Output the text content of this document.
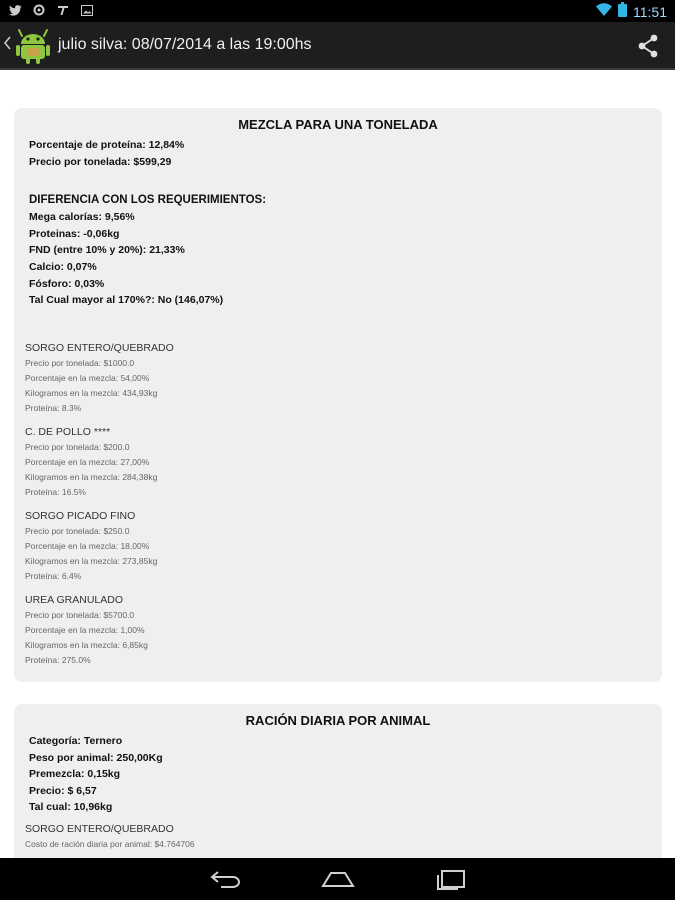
11:51
julio silva: 08/07/2014 a las 19:00hs
MEZCLA PARA UNA TONELADA
Porcentaje de proteína: 12,84%
Precio por tonelada: $599,29
DIFERENCIA CON LOS REQUERIMIENTOS:
Mega calorías: 9,56%
Proteinas: -0,06kg
FND (entre 10% y 20%): 21,33%
Calcio: 0,07%
Fósforo: 0,03%
Tal Cual mayor al 170%?: No (146,07%)
SORGO ENTERO/QUEBRADO
Precio por tonelada: $1000.0
Porcentaje en la mezcla: 54,00%
Kilogramos en la mezcla: 434,93kg
Proteína: 8.3%
C. DE POLLO ****
Precio por tonelada: $200.0
Porcentaje en la mezcla: 27,00%
Kilogramos en la mezcla: 284,38kg
Proteína: 16.5%
SORGO PICADO FINO
Precio por tonelada: $250.0
Porcentaje en la mezcla: 18,00%
Kilogramos en la mezcla: 273,85kg
Proteína: 6.4%
UREA GRANULADO
Precio por tonelada: $5700.0
Porcentaje en la mezcla: 1,00%
Kilogramos en la mezcla: 6,85kg
Proteína: 275.0%
RACIÓN DIARIA POR ANIMAL
Categoría: Ternero
Peso por animal: 250,00Kg
Premezcla: 0,15kg
Precio: $ 6,57
Tal cual: 10,96kg
SORGO ENTERO/QUEBRADO
Costo de ración diaria por animal: $4.764706
